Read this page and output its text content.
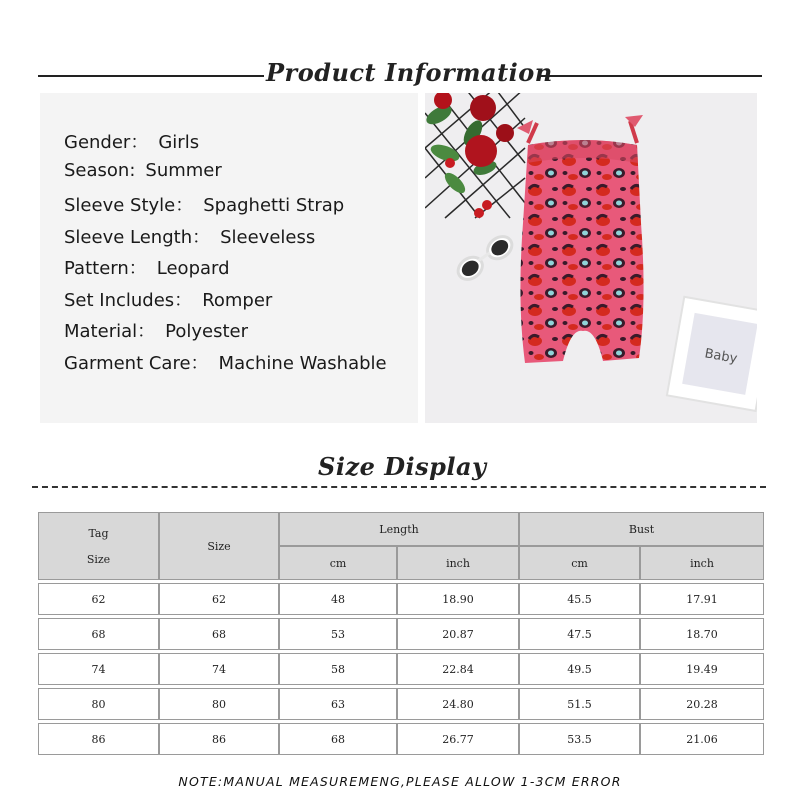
Product Information
Gender： Girls
Season: Summer
Sleeve Style： Spaghetti Strap
Sleeve Length： Sleeveless
Pattern： Leopard
Set Includes： Romper
Material： Polyester
Garment Care： Machine Washable	Baby
Size Display
Tag

Size	Size	Length		Bust	
		cm	inch	cm	inch

62	62	48	18.90	45.5	17.91

68	68	53	20.87	47.5	18.70

74	74	58	22.84	49.5	19.49

80	80	63	24.80	51.5	20.28

86	86	68	26.77	53.5	21.06
NOTE:MANUAL MEASUREMENG,PLEASE ALLOW 1-3CM ERROR
